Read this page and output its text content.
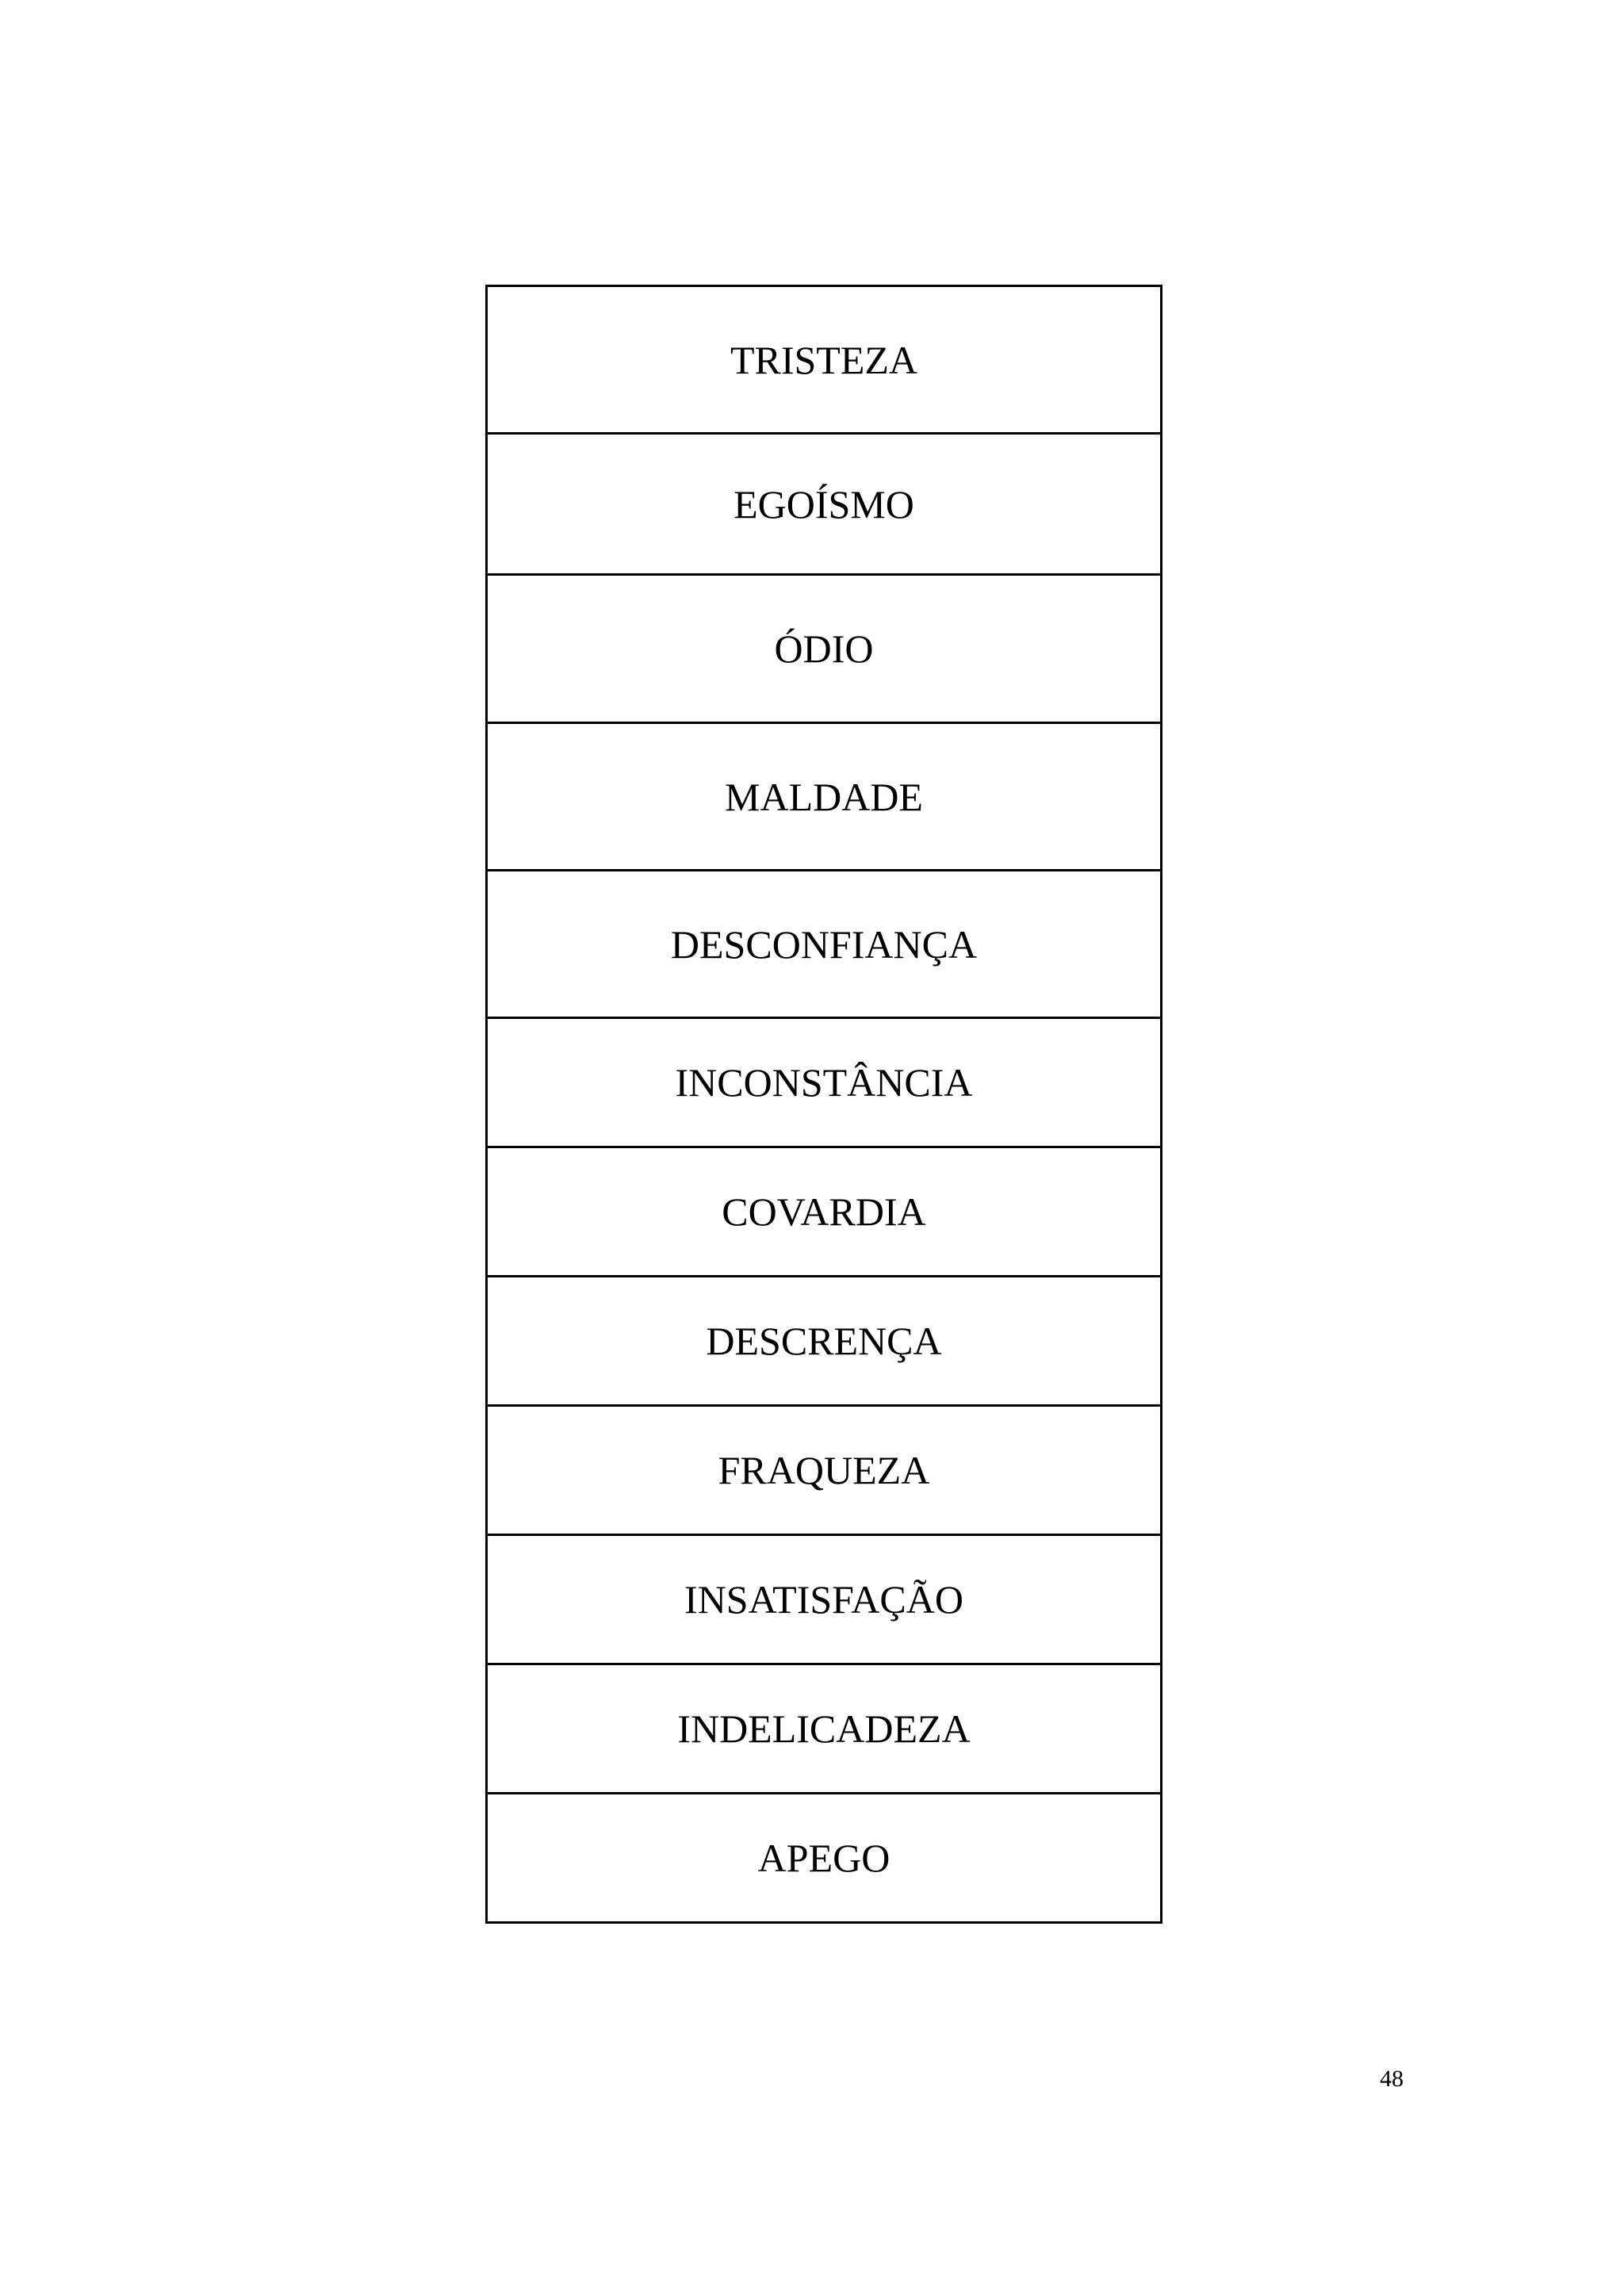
TRISTEZA
EGOÍSMO
ÓDIO
MALDADE
DESCONFIANÇA
INCONSTÂNCIA
COVARDIA
DESCRENÇA
FRAQUEZA
INSATISFAÇÃO
INDELICADEZA
APEGO
48
